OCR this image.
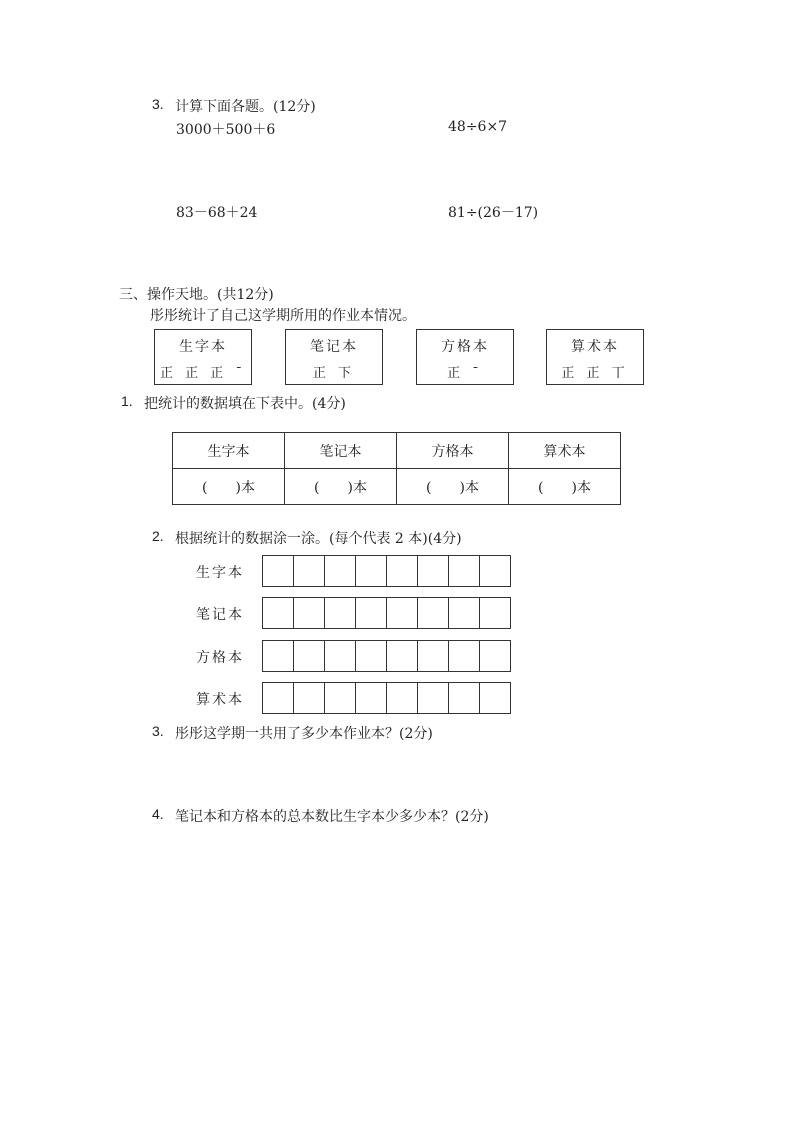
3. 计算下面各题。(12分)
3000＋500＋6	48÷6×7
83－68＋24	81÷(26－17)
三、操作天地。(共12分)
彤彤统计了自己这学期所用的作业本情况。
生字本
正 正 正 ˉ
笔记本
正 下
方格本
正 ˉ
算术本
正 正 丅
1. 把统计的数据填在下表中。(4分)
生字本	笔记本	方格本	算术本
(　　)本	(　　)本	(　　)本	(　　)本
2. 根据统计的数据涂一涂。(每个代表 2 本)(4分)
生字本
笔记本
方格本
算术本
3. 彤彤这学期一共用了多少本作业本？(2分)
4. 笔记本和方格本的总本数比生字本少多少本？(2分)
